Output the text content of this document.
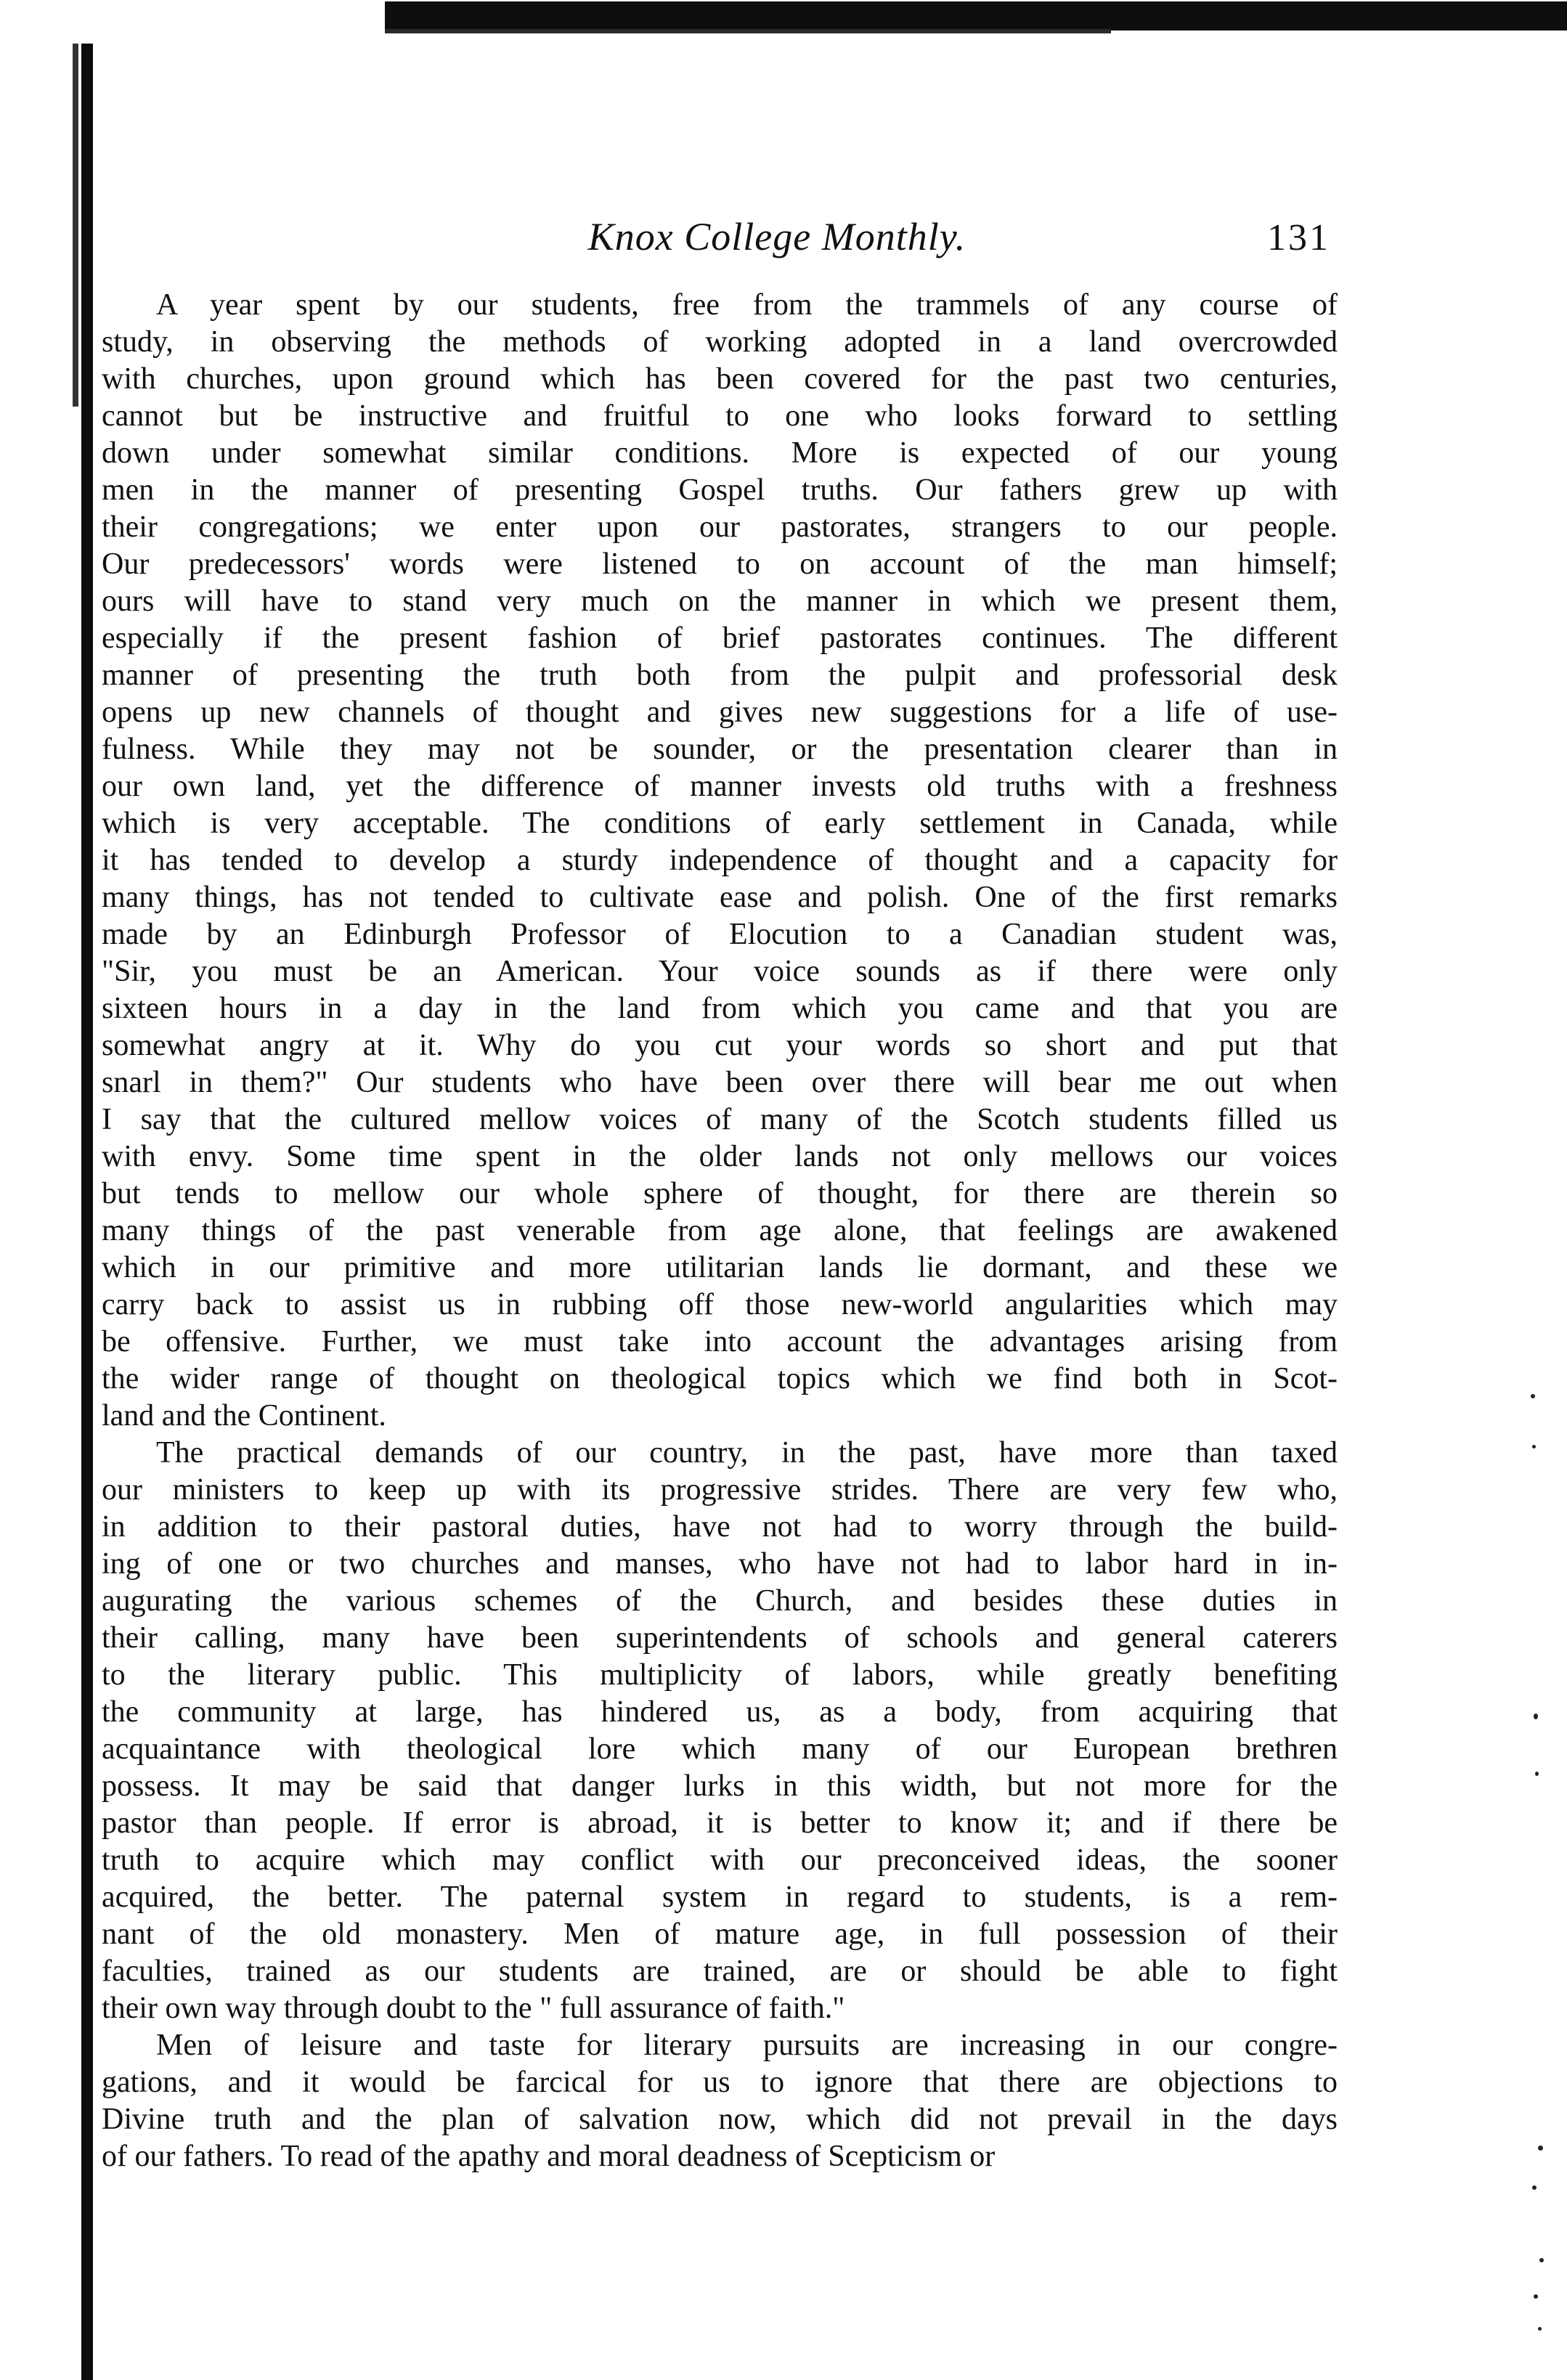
Knox College Monthly.	131
A year spent by our students, free from the trammels of any course of
study, in observing the methods of working adopted in a land overcrowded
with churches, upon ground which has been covered for the past two centuries,
cannot but be instructive and fruitful to one who looks forward to settling
down under somewhat similar conditions. More is expected of our young
men in the manner of presenting Gospel truths. Our fathers grew up with
their congregations; we enter upon our pastorates, strangers to our people.
Our predecessors' words were listened to on account of the man himself;
ours will have to stand very much on the manner in which we present them,
especially if the present fashion of brief pastorates continues. The different
manner of presenting the truth both from the pulpit and professorial desk
opens up new channels of thought and gives new suggestions for a life of use-
fulness. While they may not be sounder, or the presentation clearer than in
our own land, yet the difference of manner invests old truths with a freshness
which is very acceptable. The conditions of early settlement in Canada, while
it has tended to develop a sturdy independence of thought and a capacity for
many things, has not tended to cultivate ease and polish. One of the first remarks
made by an Edinburgh Professor of Elocution to a Canadian student was,
"Sir, you must be an American. Your voice sounds as if there were only
sixteen hours in a day in the land from which you came and that you are
somewhat angry at it. Why do you cut your words so short and put that
snarl in them?" Our students who have been over there will bear me out when
I say that the cultured mellow voices of many of the Scotch students filled us
with envy. Some time spent in the older lands not only mellows our voices
but tends to mellow our whole sphere of thought, for there are therein so
many things of the past venerable from age alone, that feelings are awakened
which in our primitive and more utilitarian lands lie dormant, and these we
carry back to assist us in rubbing off those new-world angularities which may
be offensive. Further, we must take into account the advantages arising from
the wider range of thought on theological topics which we find both in Scot-
land and the Continent.
The practical demands of our country, in the past, have more than taxed
our ministers to keep up with its progressive strides. There are very few who,
in addition to their pastoral duties, have not had to worry through the build-
ing of one or two churches and manses, who have not had to labor hard in in-
augurating the various schemes of the Church, and besides these duties in
their calling, many have been superintendents of schools and general caterers
to the literary public. This multiplicity of labors, while greatly benefiting
the community at large, has hindered us, as a body, from acquiring that
acquaintance with theological lore which many of our European brethren
possess. It may be said that danger lurks in this width, but not more for the
pastor than people. If error is abroad, it is better to know it; and if there be
truth to acquire which may conflict with our preconceived ideas, the sooner
acquired, the better. The paternal system in regard to students, is a rem-
nant of the old monastery. Men of mature age, in full possession of their
faculties, trained as our students are trained, are or should be able to fight
their own way through doubt to the " full assurance of faith."
Men of leisure and taste for literary pursuits are increasing in our congre-
gations, and it would be farcical for us to ignore that there are objections to
Divine truth and the plan of salvation now, which did not prevail in the days
of our fathers. To read of the apathy and moral deadness of Scepticism or
